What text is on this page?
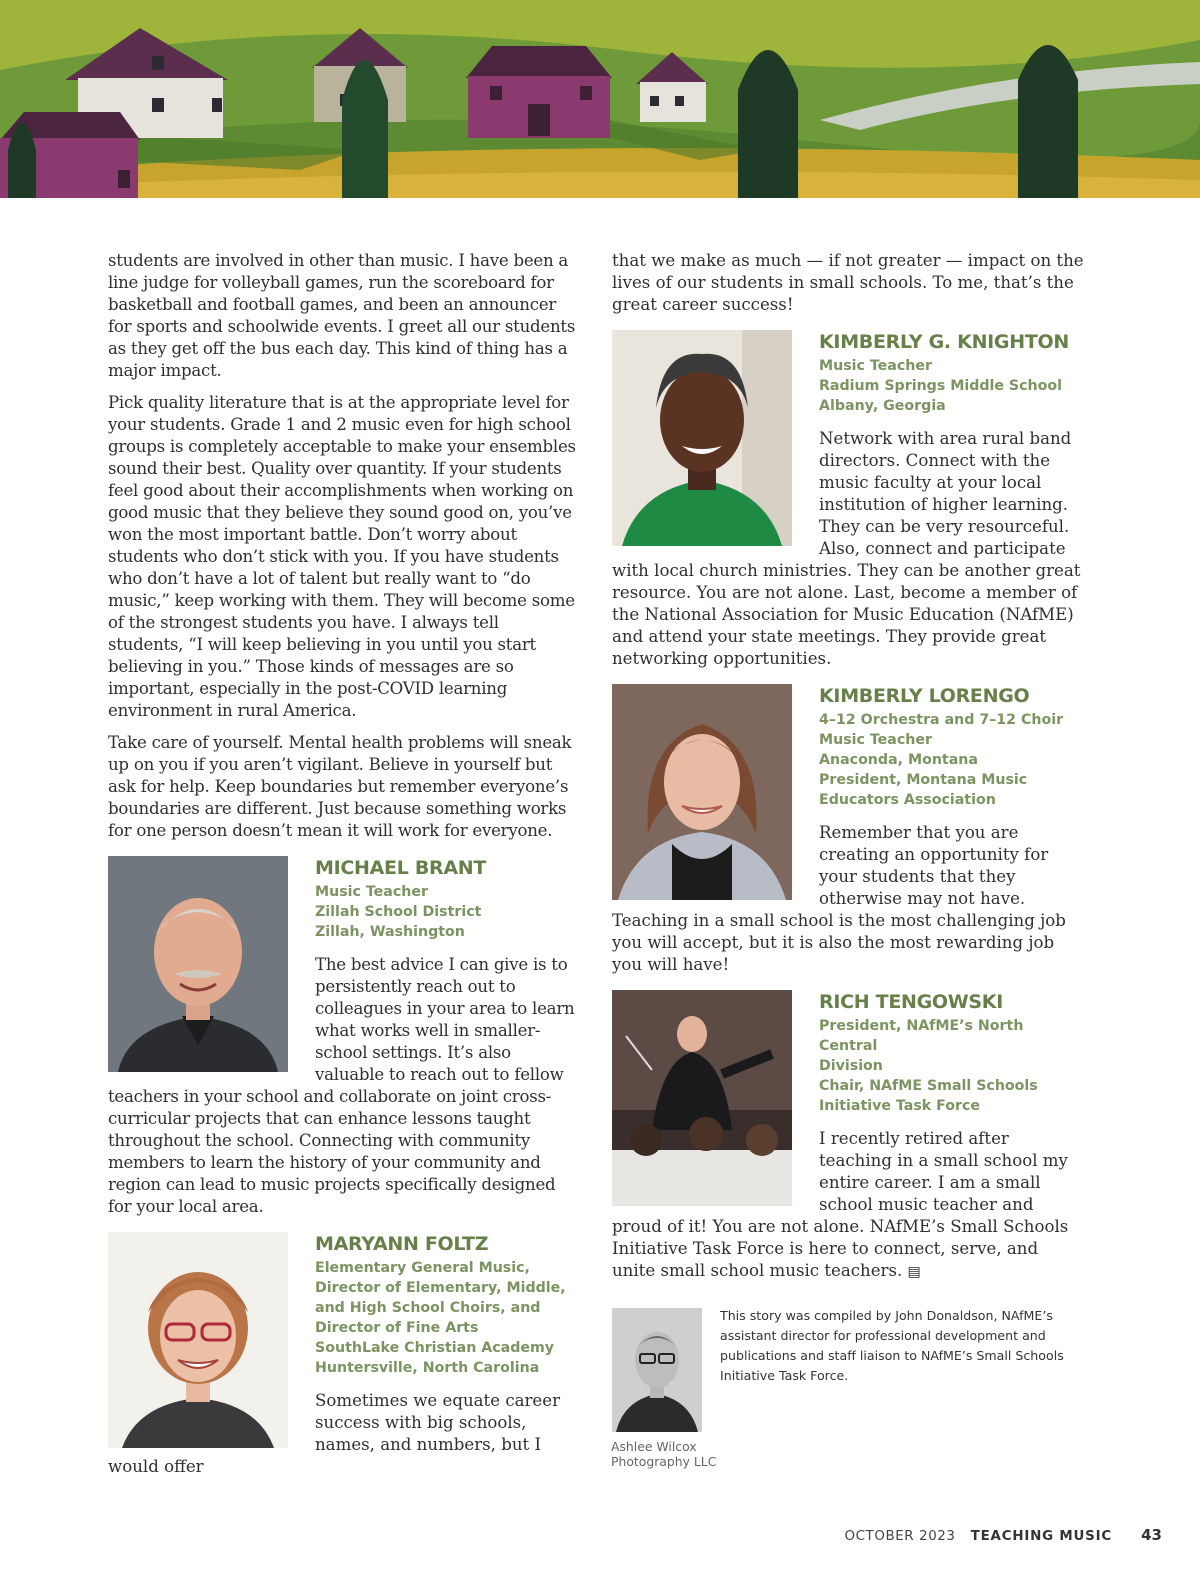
students are involved in other than music. I have been a line judge for volleyball games, run the scoreboard for basketball and football games, and been an announcer for sports and schoolwide events. I greet all our students as they get off the bus each day. This kind of thing has a major impact.

Pick quality literature that is at the appropriate level for your students. Grade 1 and 2 music even for high school groups is completely acceptable to make your ensembles sound their best. Quality over quantity. If your students feel good about their accomplishments when working on good music that they believe they sound good on, you’ve won the most important battle. Don’t worry about students who don’t stick with you. If you have students who don’t have a lot of talent but really want to “do music,” keep working with them. They will become some of the strongest students you have. I always tell students, “I will keep believing in you until you start believing in you.” Those kinds of messages are so important, especially in the post-COVID learning environment in rural America.

Take care of yourself. Mental health problems will sneak up on you if you aren’t vigilant. Believe in yourself but ask for help. Keep boundaries but remember everyone’s boundaries are different. Just because something works for one person doesn’t mean it will work for everyone.

MICHAEL BRANT

Music Teacher

Zillah School District

Zillah, Washington

The best advice I can give is to persistently reach out to colleagues in your area to learn what works well in smaller-school settings. It’s also valuable to reach out to fellow teachers in your school and collaborate on joint cross-curricular projects that can enhance lessons taught throughout the school. Connecting with community members to learn the history of your community and region can lead to music projects specifically designed for your local area.

MARYANN FOLTZ

Elementary General Music,

Director of Elementary, Middle,

and High School Choirs, and

Director of Fine Arts

SouthLake Christian Academy

Huntersville, North Carolina

Sometimes we equate career success with big schools, names, and numbers, but I would offer

that we make as much — if not greater — impact on the lives of our students in small schools. To me, that’s the great career success!

KIMBERLY G. KNIGHTON

Music Teacher

Radium Springs Middle School

Albany, Georgia

Network with area rural band directors. Connect with the music faculty at your local institution of higher learning. They can be very resourceful. Also, connect and participate with local church ministries. They can be another great resource. You are not alone. Last, become a member of the National Association for Music Education (NAfME) and attend your state meetings. They provide great networking opportunities.

KIMBERLY LORENGO

4–12 Orchestra and 7–12 Choir

Music Teacher

Anaconda, Montana

President, Montana Music

Educators Association

Remember that you are creating an opportunity for your students that they otherwise may not have. Teaching in a small school is the most challenging job you will accept, but it is also the most rewarding job you will have!

RICH TENGOWSKI

President, NAfME’s North Central

Division

Chair, NAfME Small Schools

Initiative Task Force

I recently retired after teaching in a small school my entire career. I am a small school music teacher and proud of it! You are not alone. NAfME’s Small Schools Initiative Task Force is here to connect, serve, and unite small school music teachers. ▤

This story was compiled by John Donaldson, NAfME’s assistant director for professional development and publications and staff liaison to NAfME’s Small Schools Initiative Task Force.
Ashlee Wilcox Photography LLC
OCTOBER 2023 TEACHING MUSIC 43
